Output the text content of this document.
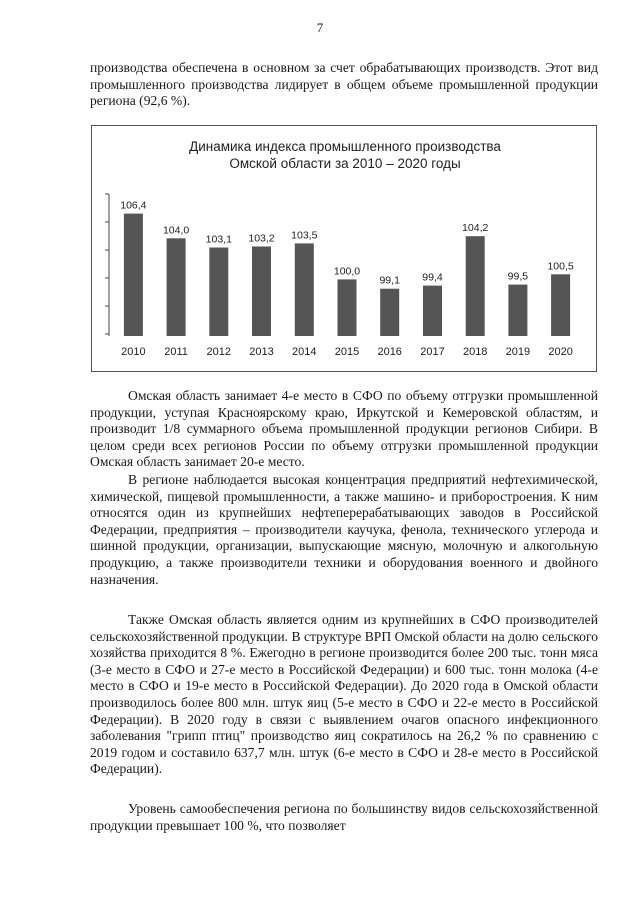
7

производства обеспечена в основном за счет обрабатывающих производств. Этот вид промышленного производства лидирует в общем объеме промышленной продукции региона (92,6 %).

Динамика индекса промышленного производства
Омской области за 2010 – 2020 годы
106,4
2010
104,0
2011
103,1
2012
103,2
2013
103,5
2014
100,0
2015
99,1
2016
99,4
2017
104,2
2018
99,5
2019
100,5
2020

Омская область занимает 4-е место в СФО по объему отгрузки промышленной продукции, уступая Красноярскому краю, Иркутской и Кемеровской областям, и производит 1/8 суммарного объема промышленной продукции регионов Сибири. В целом среди всех регионов России по объему отгрузки промышленной продукции Омская область занимает 20-е место.

В регионе наблюдается высокая концентрация предприятий нефтехимической, химической, пищевой промышленности, а также машино- и приборостроения. К ним относятся один из крупнейших нефтеперерабатывающих заводов в Российской Федерации, предприятия – производители каучука, фенола, технического углерода и шинной продукции, организации, выпускающие мясную, молочную и алкогольную продукцию, а также производители техники и оборудования военного и двойного назначения.

Также Омская область является одним из крупнейших в СФО производителей сельскохозяйственной продукции. В структуре ВРП Омской области на долю сельского хозяйства приходится 8 %. Ежегодно в регионе производится более 200 тыс. тонн мяса (3-е место в СФО и 27-е место в Российской Федерации) и 600 тыс. тонн молока (4-е место в СФО и 19-е место в Российской Федерации). До 2020 года в Омской области производилось более 800 млн. штук яиц (5-е место в СФО и 22-е место в Российской Федерации). В 2020 году в связи с выявлением очагов опасного инфекционного заболевания "грипп птиц" производство яиц сократилось на 26,2 % по сравнению с 2019 годом и составило 637,7 млн. штук (6-е место в СФО и 28-е место в Российской Федерации).

Уровень самообеспечения региона по большинству видов сельскохозяйственной продукции превышает 100 %, что позволяет
